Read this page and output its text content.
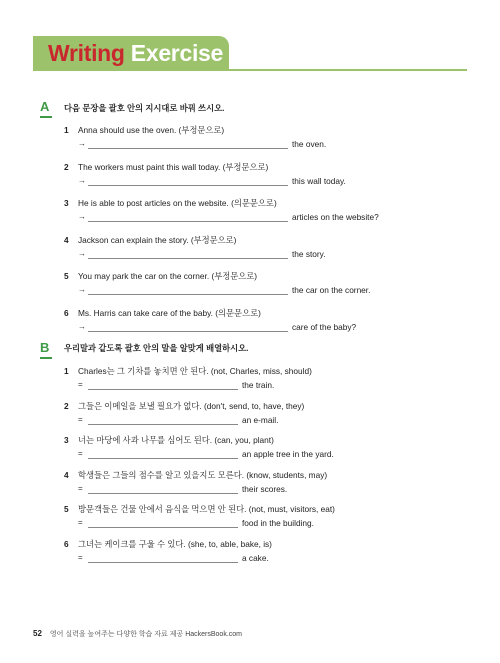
Writing Exercise
A	다음 문장을 괄호 안의 지시대로 바꿔 쓰시오.
1	Anna should use the oven. (부정문으로)
→	the oven.
2	The workers must paint this wall today. (부정문으로)
→	this wall today.
3	He is able to post articles on the website. (의문문으로)
→	articles on the website?
4	Jackson can explain the story. (부정문으로)
→	the story.
5	You may park the car on the corner. (부정문으로)
→	the car on the corner.
6	Ms. Harris can take care of the baby. (의문문으로)
→	care of the baby?
B	우리말과 같도록 괄호 안의 말을 알맞게 배열하시오.
1	Charles는 그 기차를 놓치면 안 된다. (not, Charles, miss, should)
=	the train.
2	그들은 이메일을 보낼 필요가 없다. (don't, send, to, have, they)
=	an e-mail.
3	너는 마당에 사과 나무를 심어도 된다. (can, you, plant)
=	an apple tree in the yard.
4	학생들은 그들의 점수를 알고 있을지도 모른다. (know, students, may)
=	their scores.
5	방문객들은 건물 안에서 음식을 먹으면 안 된다. (not, must, visitors, eat)
=	food in the building.
6	그녀는 케이크를 구울 수 있다. (she, to, able, bake, is)
=	a cake.
52 영어 실력을 높여주는 다양한 학습 자료 제공 HackersBook.com
